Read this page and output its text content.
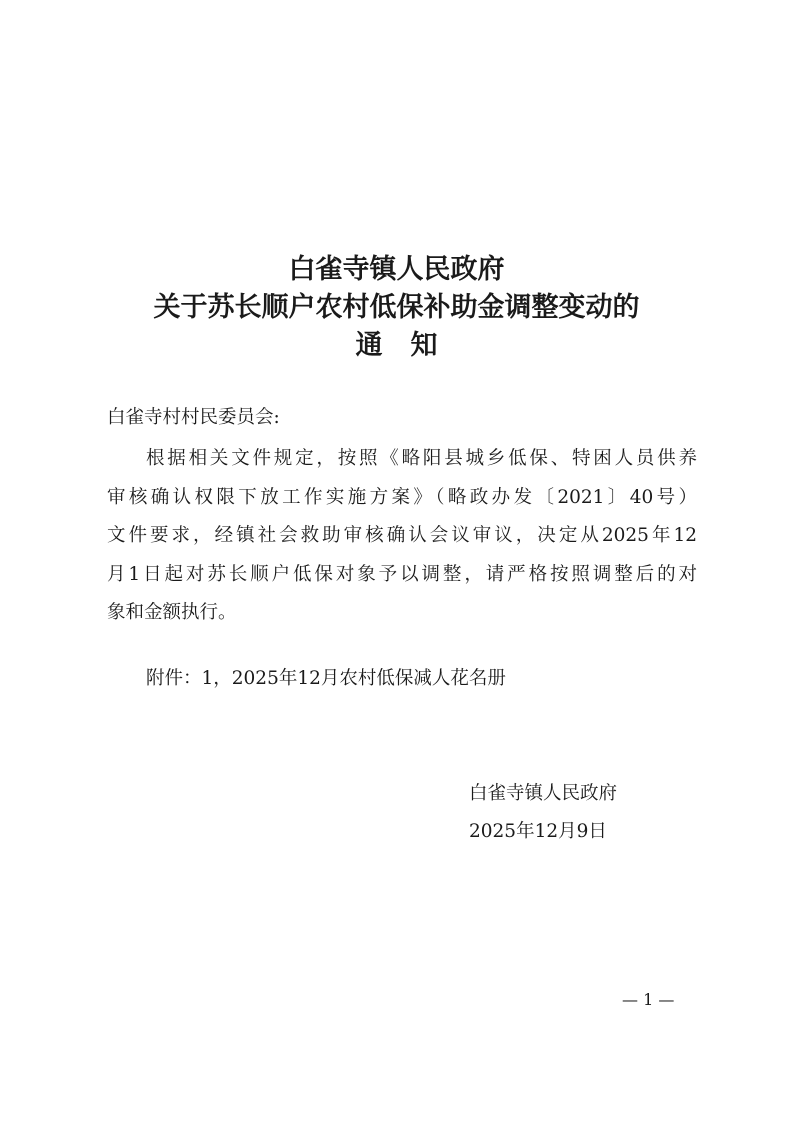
白雀寺镇人民政府
关于苏长顺户农村低保补助金调整变动的
通知
白雀寺村村民委员会:
根据相关文件规定，按照《略阳县城乡低保、特困人员供养
审核确认权限下放工作实施方案》（略政办发〔2021〕40号）
文件要求，经镇社会救助审核确认会议审议，决定从2025年12
月1日起对苏长顺户低保对象予以调整，请严格按照调整后的对
象和金额执行。
附件：1，2025年12月农村低保减人花名册
白雀寺镇人民政府
2025年12月9日
— 1 —
